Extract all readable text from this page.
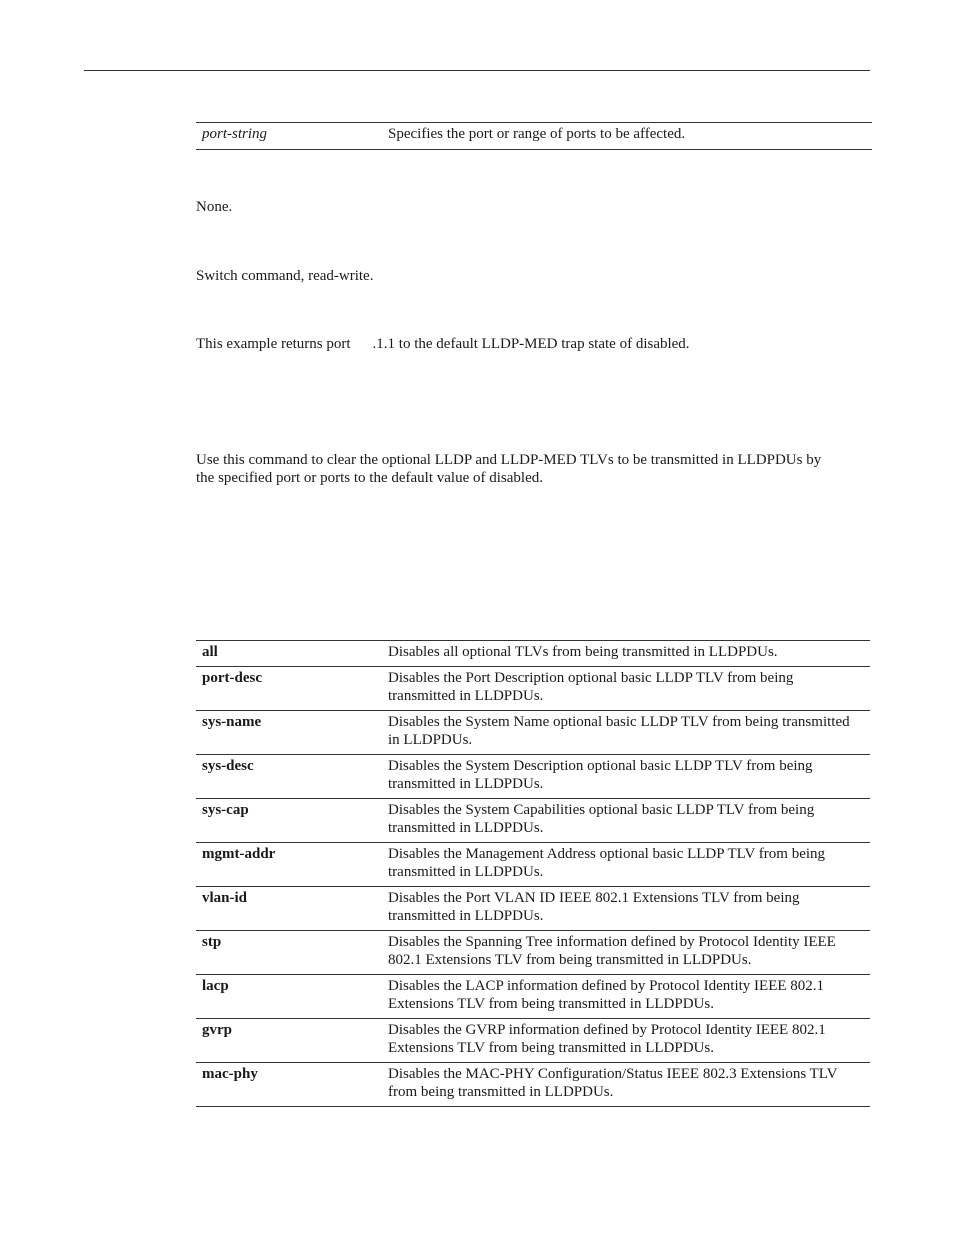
port-string	Specifies the port or range of ports to be affected.

None.

Switch command, read-write.

This example returns port .1.1 to the default LLDP-MED trap state of disabled.

Use this command to clear the optional LLDP and LLDP-MED TLVs to be transmitted in LLDPDUs by the specified port or ports to the default value of disabled.

all	Disables all optional TLVs from being transmitted in LLDPDUs.
port-desc	Disables the Port Description optional basic LLDP TLV from being transmitted in LLDPDUs.
sys-name	Disables the System Name optional basic LLDP TLV from being transmitted in LLDPDUs.
sys-desc	Disables the System Description optional basic LLDP TLV from being transmitted in LLDPDUs.
sys-cap	Disables the System Capabilities optional basic LLDP TLV from being transmitted in LLDPDUs.
mgmt-addr	Disables the Management Address optional basic LLDP TLV from being transmitted in LLDPDUs.
vlan-id	Disables the Port VLAN ID IEEE 802.1 Extensions TLV from being transmitted in LLDPDUs.
stp	Disables the Spanning Tree information defined by Protocol Identity IEEE 802.1 Extensions TLV from being transmitted in LLDPDUs.
lacp	Disables the LACP information defined by Protocol Identity IEEE 802.1 Extensions TLV from being transmitted in LLDPDUs.
gvrp	Disables the GVRP information defined by Protocol Identity IEEE 802.1 Extensions TLV from being transmitted in LLDPDUs.
mac-phy	Disables the MAC-PHY Configuration/Status IEEE 802.3 Extensions TLV from being transmitted in LLDPDUs.
